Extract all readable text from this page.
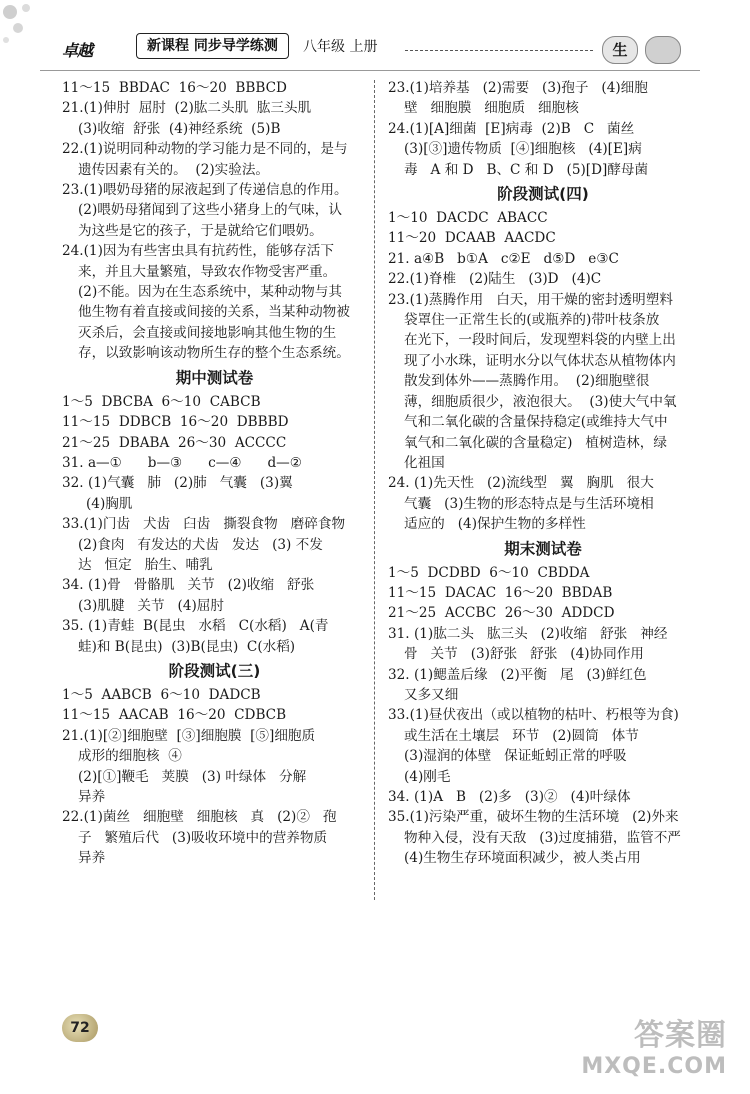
卓越	新课程 同步导学练测	八年级 上册	生
11～15  BBDAC  16～20  BBBCD
21.(1)伸肘  屈肘  (2)肱二头肌  肱三头肌
(3)收缩  舒张  (4)神经系统  (5)B
22.(1)说明同种动物的学习能力是不同的，是与
遗传因素有关的。  (2)实验法。
23.(1)喂奶母猪的尿液起到了传递信息的作用。
(2)喂奶母猪闻到了这些小猪身上的气味，认
为这些是它的孩子，于是就给它们喂奶。
24.(1)因为有些害虫具有抗药性，能够存活下
来，并且大量繁殖，导致农作物受害严重。
(2)不能。因为在生态系统中，某种动物与其
他生物有着直接或间接的关系，当某种动物被
灭杀后，会直接或间接地影响其他生物的生
存，以致影响该动物所生存的整个生态系统。
期中测试卷
1～5  DBCBA  6～10  CABCB
11～15  DDBCB  16～20  DBBBD
21～25  DBABA  26～30  ACCCC
31. a—①      b—③      c—④      d—②
32. (1)气囊   肺   (2)肺   气囊   (3)翼
(4)胸肌
33.(1)门齿   犬齿   臼齿   撕裂食物   磨碎食物
(2)食肉   有发达的犬齿   发达   (3) 不发
达   恒定   胎生、哺乳
34. (1)骨   骨骼肌   关节   (2)收缩   舒张
(3)肌腱   关节   (4)屈肘
35. (1)青蛙  B(昆虫   水稻   C(水稻)   A(青
蛙)和 B(昆虫)  (3)B(昆虫)  C(水稻)
阶段测试(三)
1～5  AABCB  6～10  DADCB
11～15  AACAB  16～20  CDBCB
21.(1)[②]细胞壁  [③]细胞膜  [⑤]细胞质
成形的细胞核  ④
(2)[①]鞭毛   荚膜   (3) 叶绿体   分解
异养
22.(1)菌丝   细胞壁   细胞核   真   (2)②   孢
子   繁殖后代   (3)吸收环境中的营养物质
异养
23.(1)培养基   (2)需要   (3)孢子   (4)细胞
壁   细胞膜   细胞质   细胞核
24.(1)[A]细菌  [E]病毒  (2)B   C   菌丝
(3)[③]遗传物质  [④]细胞核   (4)[E]病
毒   A 和 D   B、C 和 D   (5)[D]酵母菌
阶段测试(四)
1～10  DACDC  ABACC
11～20  DCAAB  AACDC
21. a④B   b①A   c②E   d⑤D   e③C
22.(1)脊椎   (2)陆生   (3)D   (4)C
23.(1)蒸腾作用   白天，用干燥的密封透明塑料
袋罩住一正常生长的(或瓶养的)带叶枝条放
在光下，一段时间后，发现塑料袋的内壁上出
现了小水珠，证明水分以气体状态从植物体内
散发到体外——蒸腾作用。  (2)细胞壁很
薄，细胞质很少，液泡很大。  (3)使大气中氧
气和二氧化碳的含量保持稳定(或维持大气中
氧气和二氧化碳的含量稳定)   植树造林，绿
化祖国
24. (1)先天性   (2)流线型   翼   胸肌   很大
气囊   (3)生物的形态特点是与生活环境相
适应的   (4)保护生物的多样性
期末测试卷
1～5  DCDBD  6～10  CBDDA
11～15  DACAC  16～20  BBDAB
21～25  ACCBC  26～30  ADDCD
31. (1)肱二头   肱三头   (2)收缩   舒张   神经
骨   关节   (3)舒张   舒张   (4)协同作用
32. (1)鳃盖后缘   (2)平衡   尾   (3)鲜红色
又多又细
33.(1)昼伏夜出（或以植物的枯叶、朽根等为食)
或生活在土壤层   环节   (2)圆筒   体节
(3)湿润的体壁   保证蚯蚓正常的呼吸
(4)刚毛
34. (1)A   B   (2)多   (3)②   (4)叶绿体
35.(1)污染严重，破坏生物的生活环境   (2)外来
物种入侵，没有天敌   (3)过度捕猎，监管不严
(4)生物生存环境面积减少，被人类占用
72	答案圈
MXQE.COM
